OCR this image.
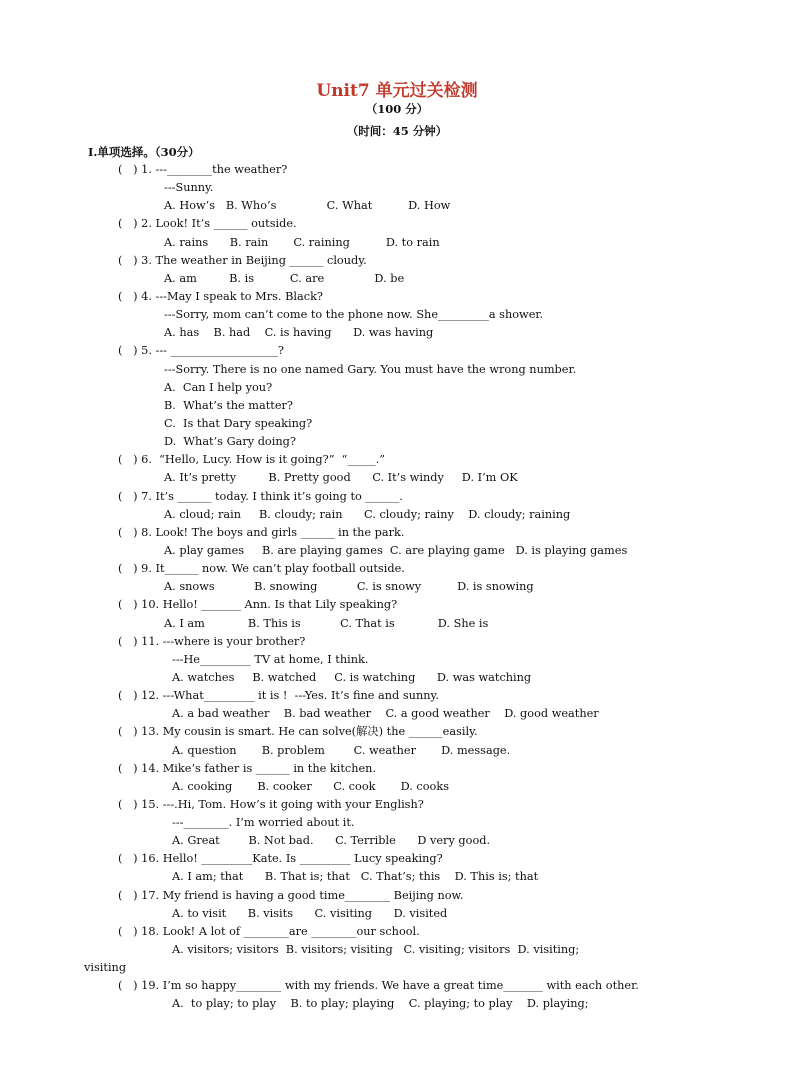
Unit7 单元过关检测
（100 分）
（时间：45 分钟）
I.单项选择。（30分）
(   ) 1. ---________the weather?
---Sunny.
A. How’s   B. Who’s              C. What          D. How
(   ) 2. Look! It’s ______ outside.
A. rains      B. rain       C. raining          D. to rain
(   ) 3. The weather in Beijing ______ cloudy.
A. am         B. is          C. are              D. be
(   ) 4. ---May I speak to Mrs. Black?
---Sorry, mom can’t come to the phone now. She_________a shower.
A. has    B. had    C. is having      D. was having
(   ) 5. --- ___________________?
---Sorry. There is no one named Gary. You must have the wrong number.
A.  Can I help you?
B.  What’s the matter?
C.  Is that Dary speaking?
D.  What’s Gary doing?
(   ) 6.  “Hello, Lucy. How is it going?”  “_____.”
A. It’s pretty         B. Pretty good      C. It’s windy     D. I’m OK
(   ) 7. It’s ______ today. I think it’s going to ______.
A. cloud; rain     B. cloudy; rain      C. cloudy; rainy    D. cloudy; raining
(   ) 8. Look! The boys and girls ______ in the park.
A. play games     B. are playing games  C. are playing game   D. is playing games
(   ) 9. It______ now. We can’t play football outside.
A. snows           B. snowing           C. is snowy          D. is snowing
(   ) 10. Hello! _______ Ann. Is that Lily speaking?
A. I am            B. This is           C. That is            D. She is
(   ) 11. ---where is your brother?
---He_________ TV at home, I think.
A. watches     B. watched     C. is watching      D. was watching
(   ) 12. ---What_________ it is !  ---Yes. It’s fine and sunny.
A. a bad weather    B. bad weather    C. a good weather    D. good weather
(   ) 13. My cousin is smart. He can solve(解决) the ______easily.
A. question       B. problem        C. weather       D. message.
(   ) 14. Mike’s father is ______ in the kitchen.
A. cooking       B. cooker      C. cook       D. cooks
(   ) 15. ---.Hi, Tom. How’s it going with your English?
---________. I’m worried about it.
A. Great        B. Not bad.      C. Terrible      D very good.
(   ) 16. Hello! _________Kate. Is _________ Lucy speaking?
A. I am; that      B. That is; that   C. That’s; this    D. This is; that
(   ) 17. My friend is having a good time________ Beijing now.
A. to visit      B. visits      C. visiting      D. visited
(   ) 18. Look! A lot of ________are ________our school.
A. visitors; visitors  B. visitors; visiting   C. visiting; visitors  D. visiting;
visiting
(   ) 19. I’m so happy________ with my friends. We have a great time_______ with each other.
A.  to play; to play    B. to play; playing    C. playing; to play    D. playing;
